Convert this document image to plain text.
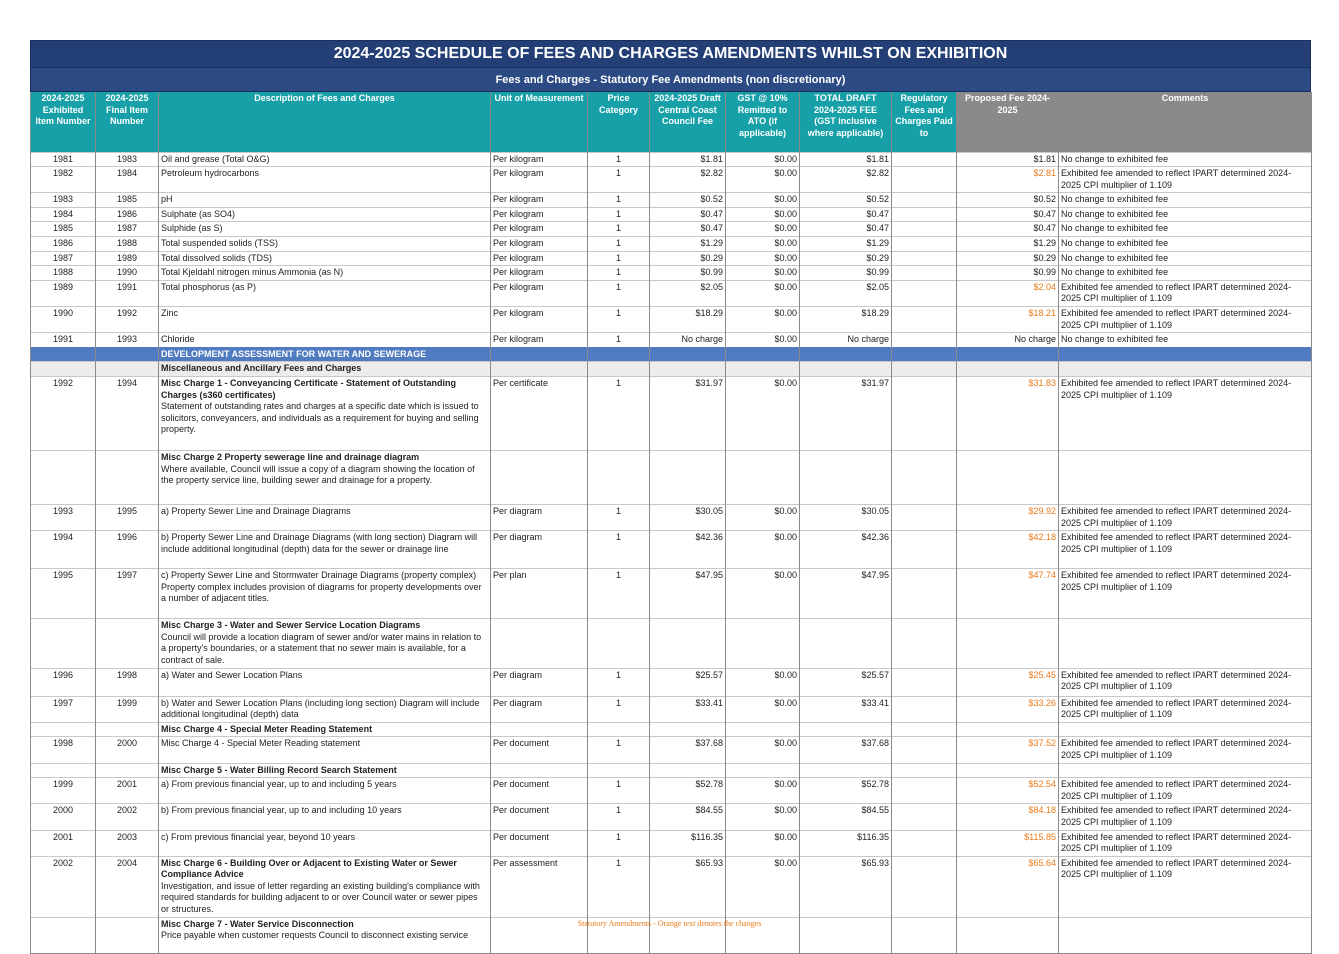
2024-2025 SCHEDULE OF FEES AND CHARGES AMENDMENTS WHILST ON EXHIBITION
Fees and Charges - Statutory Fee Amendments (non discretionary)
2024-2025 Exhibited Item Number	2024-2025 Final Item Number	Description of Fees and Charges	Unit of Measurement	Price Category	2024-2025 Draft Central Coast Council Fee	GST @ 10% Remitted to ATO (if applicable)	TOTAL DRAFT 2024-2025 FEE (GST inclusive where applicable)	Regulatory Fees and Charges Paid to	Proposed Fee 2024-2025	Comments
1981	1983	Oil and grease (Total O&G)	Per kilogram	1	$1.81	$0.00	$1.81		$1.81	No change to exhibited fee
1982	1984	Petroleum hydrocarbons	Per kilogram	1	$2.82	$0.00	$2.82		$2.81	Exhibited fee amended to reflect IPART determined 2024-2025 CPI multiplier of 1.109
1983	1985	pH	Per kilogram	1	$0.52	$0.00	$0.52		$0.52	No change to exhibited fee
1984	1986	Sulphate (as SO4)	Per kilogram	1	$0.47	$0.00	$0.47		$0.47	No change to exhibited fee
1985	1987	Sulphide (as S)	Per kilogram	1	$0.47	$0.00	$0.47		$0.47	No change to exhibited fee
1986	1988	Total suspended solids (TSS)	Per kilogram	1	$1.29	$0.00	$1.29		$1.29	No change to exhibited fee
1987	1989	Total dissolved solids (TDS)	Per kilogram	1	$0.29	$0.00	$0.29		$0.29	No change to exhibited fee
1988	1990	Total Kjeldahl nitrogen minus Ammonia (as N)	Per kilogram	1	$0.99	$0.00	$0.99		$0.99	No change to exhibited fee
1989	1991	Total phosphorus (as P)	Per kilogram	1	$2.05	$0.00	$2.05		$2.04	Exhibited fee amended to reflect IPART determined 2024-2025 CPI multiplier of 1.109
1990	1992	Zinc	Per kilogram	1	$18.29	$0.00	$18.29		$18.21	Exhibited fee amended to reflect IPART determined 2024-2025 CPI multiplier of 1.109
1991	1993	Chloride	Per kilogram	1	No charge	$0.00	No charge		No charge	No change to exhibited fee
		DEVELOPMENT ASSESSMENT FOR WATER AND SEWERAGE								
		Miscellaneous and Ancillary Fees and Charges								
1992	1994	Misc Charge 1 - Conveyancing Certificate - Statement of Outstanding Charges (s360 certificates)
Statement of outstanding rates and charges at a specific date which is issued to solicitors, conveyancers, and individuals as a requirement for buying and selling property.	Per certificate	1	$31.97	$0.00	$31.97		$31.83	Exhibited fee amended to reflect IPART determined 2024-2025 CPI multiplier of 1.109

		Misc Charge 2 Property sewerage line and drainage diagram
Where available, Council will issue a copy of a diagram showing the location of the property service line, building sewer and drainage for a property.								

1993	1995	a) Property Sewer Line and Drainage Diagrams	Per diagram	1	$30.05	$0.00	$30.05		$29.92	Exhibited fee amended to reflect IPART determined 2024-2025 CPI multiplier of 1.109
1994	1996	b) Property Sewer Line and Drainage Diagrams (with long section) Diagram will include additional longitudinal (depth) data for the sewer or drainage line	Per diagram	1	$42.36	$0.00	$42.36		$42.18	Exhibited fee amended to reflect IPART determined 2024-2025 CPI multiplier of 1.109
1995	1997	c) Property Sewer Line and Stormwater Drainage Diagrams (property complex) Property complex includes provision of diagrams for property developments over a number of adjacent titles.	Per plan	1	$47.95	$0.00	$47.95		$47.74	Exhibited fee amended to reflect IPART determined 2024-2025 CPI multiplier of 1.109

		Misc Charge 3 - Water and Sewer Service Location Diagrams
Council will provide a location diagram of sewer and/or water mains in relation to a property's boundaries, or a statement that no sewer main is available, for a contract of sale.								

1996	1998	a) Water and Sewer Location Plans	Per diagram	1	$25.57	$0.00	$25.57		$25.45	Exhibited fee amended to reflect IPART determined 2024-2025 CPI multiplier of 1.109
1997	1999	b) Water and Sewer Location Plans (including long section) Diagram will include additional longitudinal (depth) data	Per diagram	1	$33.41	$0.00	$33.41		$33.26	Exhibited fee amended to reflect IPART determined 2024-2025 CPI multiplier of 1.109

		Misc Charge 4 - Special Meter Reading Statement								

1998	2000	Misc Charge 4 - Special Meter Reading statement	Per document	1	$37.68	$0.00	$37.68		$37.52	Exhibited fee amended to reflect IPART determined 2024-2025 CPI multiplier of 1.109

		Misc Charge 5 - Water Billing Record Search Statement								

1999	2001	a) From previous financial year, up to and including 5 years	Per document	1	$52.78	$0.00	$52.78		$52.54	Exhibited fee amended to reflect IPART determined 2024-2025 CPI multiplier of 1.109
2000	2002	b) From previous financial year, up to and including 10 years	Per document	1	$84.55	$0.00	$84.55		$84.18	Exhibited fee amended to reflect IPART determined 2024-2025 CPI multiplier of 1.109
2001	2003	c) From previous financial year, beyond 10 years	Per document	1	$116.35	$0.00	$116.35		$115.85	Exhibited fee amended to reflect IPART determined 2024-2025 CPI multiplier of 1.109
2002	2004	Misc Charge 6 - Building Over or Adjacent to Existing Water or Sewer Compliance Advice
Investigation, and issue of letter regarding an existing building's compliance with required standards for building adjacent to or over Council water or sewer pipes or structures.	Per assessment	1	$65.93	$0.00	$65.93		$65.64	Exhibited fee amended to reflect IPART determined 2024-2025 CPI multiplier of 1.109

		Misc Charge 7 - Water Service Disconnection
Price payable when customer requests Council to disconnect existing service								

Statutory Amendments - Orange text denotes the changes
